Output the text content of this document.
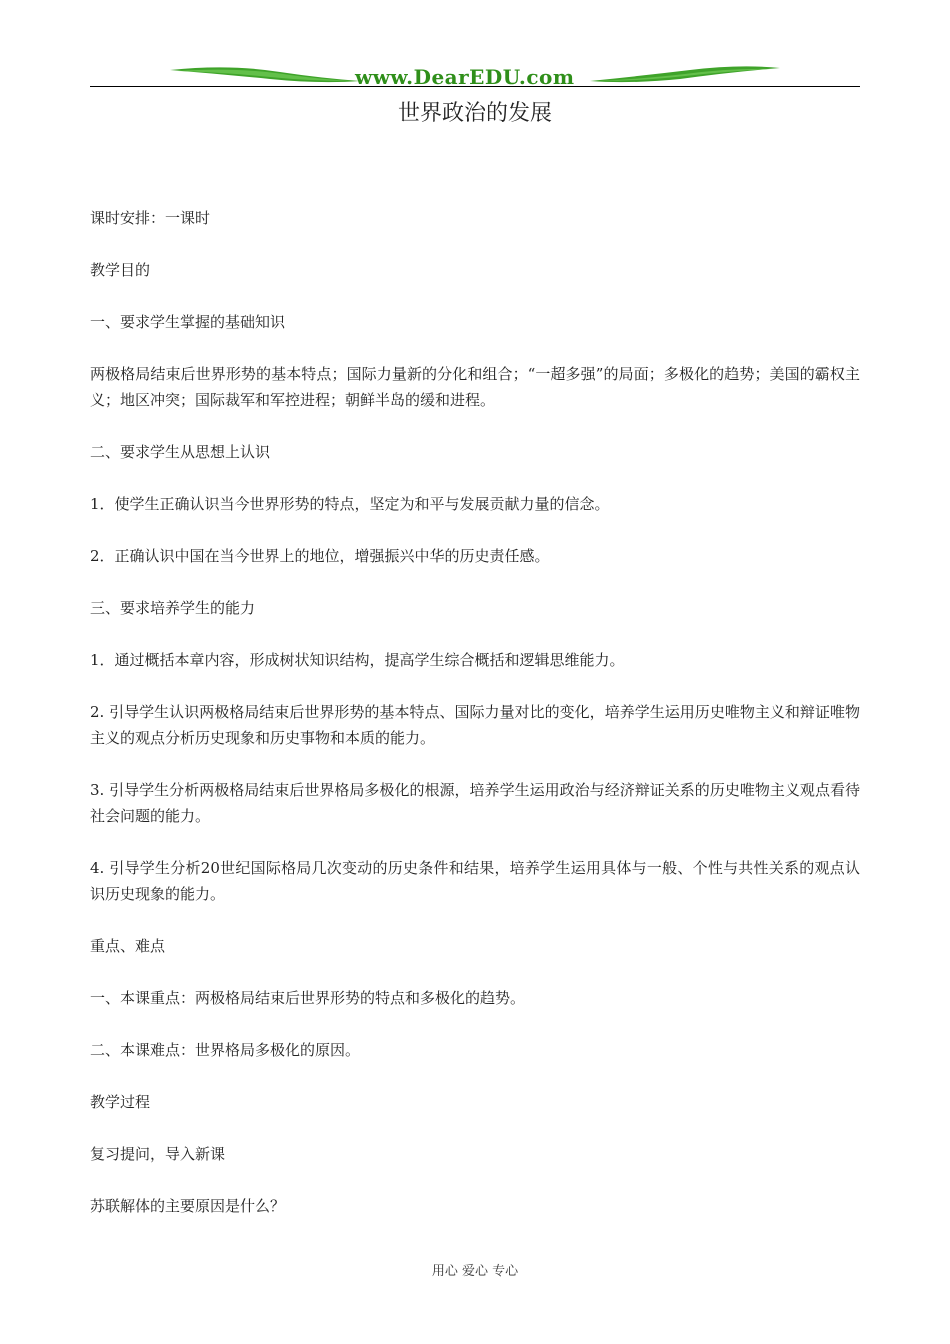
www.DearEDU.com
世界政治的发展

课时安排：一课时

教学目的

一、要求学生掌握的基础知识

两极格局结束后世界形势的基本特点；国际力量新的分化和组合；“一超多强”的局面；多极化的趋势；美国的霸权主义；地区冲突；国际裁军和军控进程；朝鲜半岛的缓和进程。

二、要求学生从思想上认识

1．使学生正确认识当今世界形势的特点，坚定为和平与发展贡献力量的信念。

2．正确认识中国在当今世界上的地位，增强振兴中华的历史责任感。

三、要求培养学生的能力

1．通过概括本章内容，形成树状知识结构，提高学生综合概括和逻辑思维能力。

2. 引导学生认识两极格局结束后世界形势的基本特点、国际力量对比的变化，培养学生运用历史唯物主义和辩证唯物主义的观点分析历史现象和历史事物和本质的能力。

3. 引导学生分析两极格局结束后世界格局多极化的根源，培养学生运用政治与经济辩证关系的历史唯物主义观点看待社会问题的能力。

4. 引导学生分析20世纪国际格局几次变动的历史条件和结果，培养学生运用具体与一般、个性与共性关系的观点认识历史现象的能力。

重点、难点

一、本课重点：两极格局结束后世界形势的特点和多极化的趋势。

二、本课难点：世界格局多极化的原因。

教学过程

复习提问，导入新课

苏联解体的主要原因是什么？

用心 爱心 专心
